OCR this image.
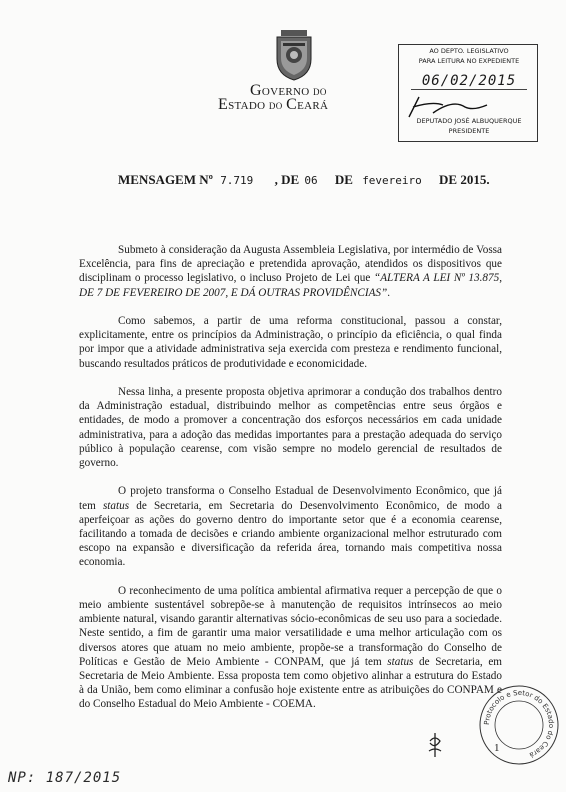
Governo do
Estado do Ceará
AO DEPTO. LEGISLATIVO
PARA LEITURA NO EXPEDIENTE
06/02/2015
DEPUTADO JOSÉ ALBUQUERQUE
PRESIDENTE
MENSAGEM Nº 7.719 , DE 06 DE fevereiro DE 2015.

Submeto à consideração da Augusta Assembleia Legislativa, por intermédio de Vossa Excelência, para fins de apreciação e pretendida aprovação, atendidos os dispositivos que disciplinam o processo legislativo, o incluso Projeto de Lei que “ALTERA A LEI Nº 13.875, DE 7 DE FEVEREIRO DE 2007, E DÁ OUTRAS PROVIDÊNCIAS”.

Como sabemos, a partir de uma reforma constitucional, passou a constar, explicitamente, entre os princípios da Administração, o princípio da eficiência, o qual finda por impor que a atividade administrativa seja exercida com presteza e rendimento funcional, buscando resultados práticos de produtividade e economicidade.

Nessa linha, a presente proposta objetiva aprimorar a condução dos trabalhos dentro da Administração estadual, distribuindo melhor as competências entre seus órgãos e entidades, de modo a promover a concentração dos esforços necessários em cada unidade administrativa, para a adoção das medidas importantes para a prestação adequada do serviço público à população cearense, com visão sempre no modelo gerencial de resultados de governo.

O projeto transforma o Conselho Estadual de Desenvolvimento Econômico, que já tem status de Secretaria, em Secretaria do Desenvolvimento Econômico, de modo a aperfeiçoar as ações do governo dentro do importante setor que é a economia cearense, facilitando a tomada de decisões e criando ambiente organizacional melhor estruturado com escopo na expansão e diversificação da referida área, tornando mais competitiva nossa economia.

O reconhecimento de uma política ambiental afirmativa requer a percepção de que o meio ambiente sustentável sobrepõe-se à manutenção de requisitos intrínsecos ao meio ambiente natural, visando garantir alternativas sócio-econômicas de seu uso para a sociedade. Neste sentido, a fim de garantir uma maior versatilidade e uma melhor articulação com os diversos atores que atuam no meio ambiente, propõe-se a transformação do Conselho de Políticas e Gestão de Meio Ambiente - CONPAM, que já tem status de Secretaria, em Secretaria de Meio Ambiente. Essa proposta tem como objetivo alinhar a estrutura do Estado à da União, bem como eliminar a confusão hoje existente entre as atribuições do CONPAM e do Conselho Estadual do Meio Ambiente - COEMA.

Protocolo e Setor do Estado do Ceará
1
NP: 187/2015
